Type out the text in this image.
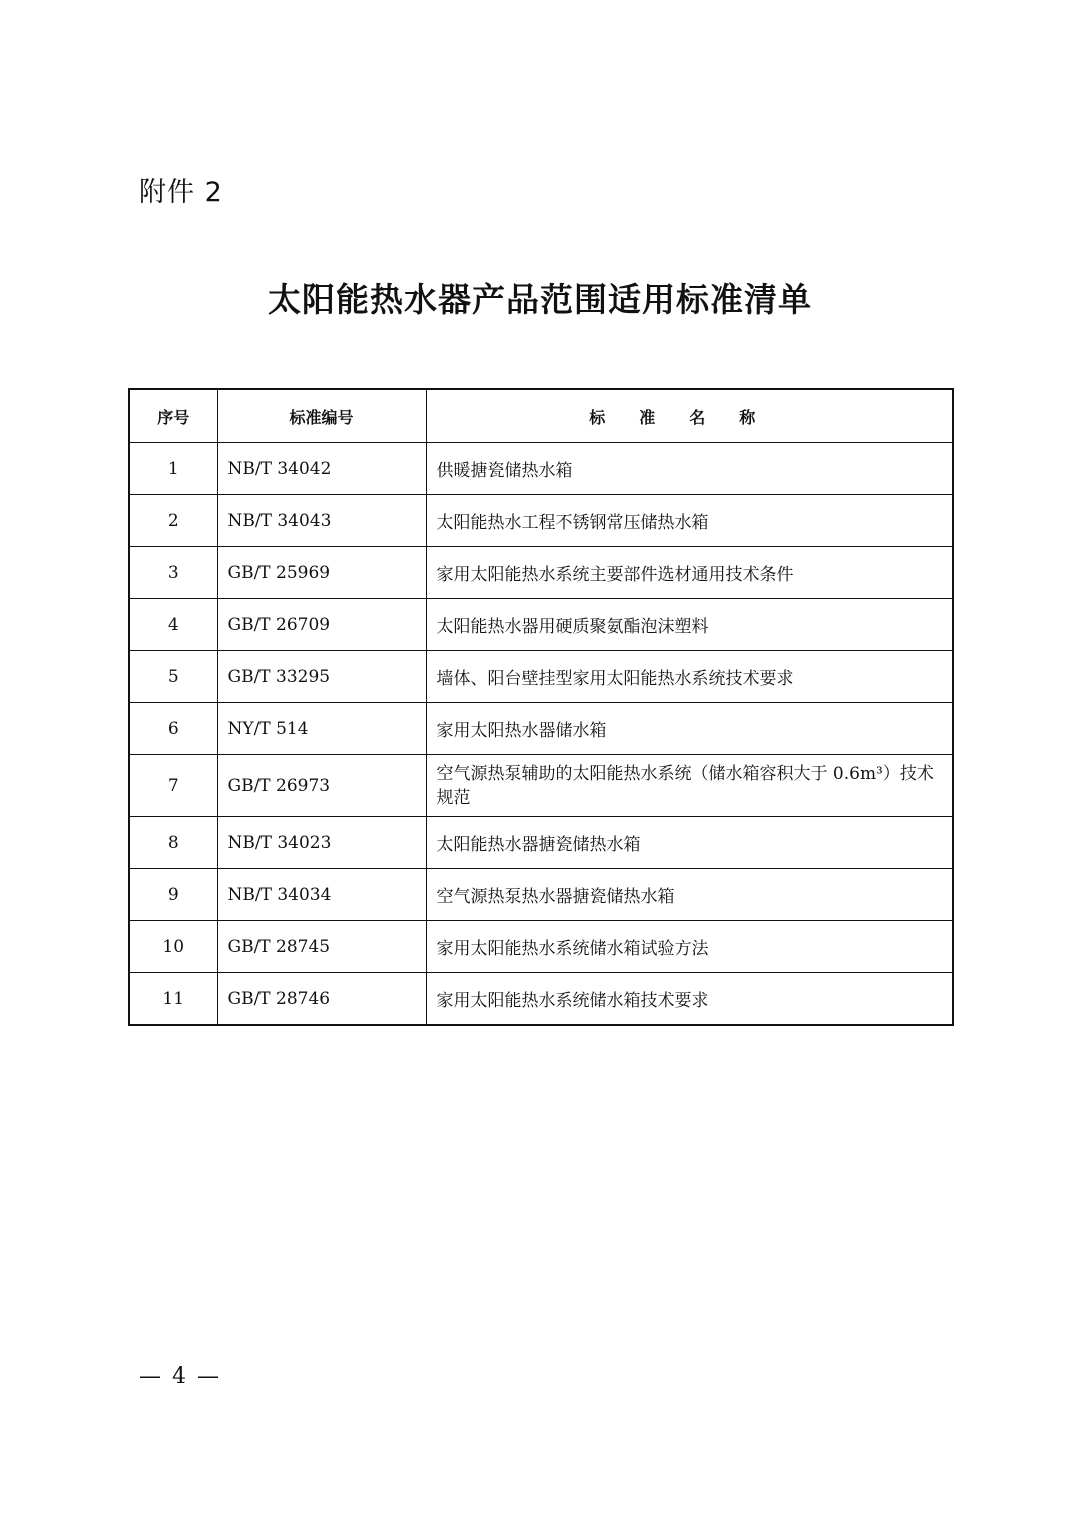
附件 2
太阳能热水器产品范围适用标准清单
序号	标准编号	标准名称
1	NB/T 34042	供暖搪瓷储热水箱
2	NB/T 34043	太阳能热水工程不锈钢常压储热水箱
3	GB/T 25969	家用太阳能热水系统主要部件选材通用技术条件
4	GB/T 26709	太阳能热水器用硬质聚氨酯泡沫塑料
5	GB/T 33295	墙体、阳台壁挂型家用太阳能热水系统技术要求
6	NY/T 514	家用太阳热水器储水箱
7	GB/T 26973	空气源热泵辅助的太阳能热水系统（储水箱容积大于 0.6m³）技术规范
8	NB/T 34023	太阳能热水器搪瓷储热水箱
9	NB/T 34034	空气源热泵热水器搪瓷储热水箱
10	GB/T 28745	家用太阳能热水系统储水箱试验方法
11	GB/T 28746	家用太阳能热水系统储水箱技术要求
— 4 —
